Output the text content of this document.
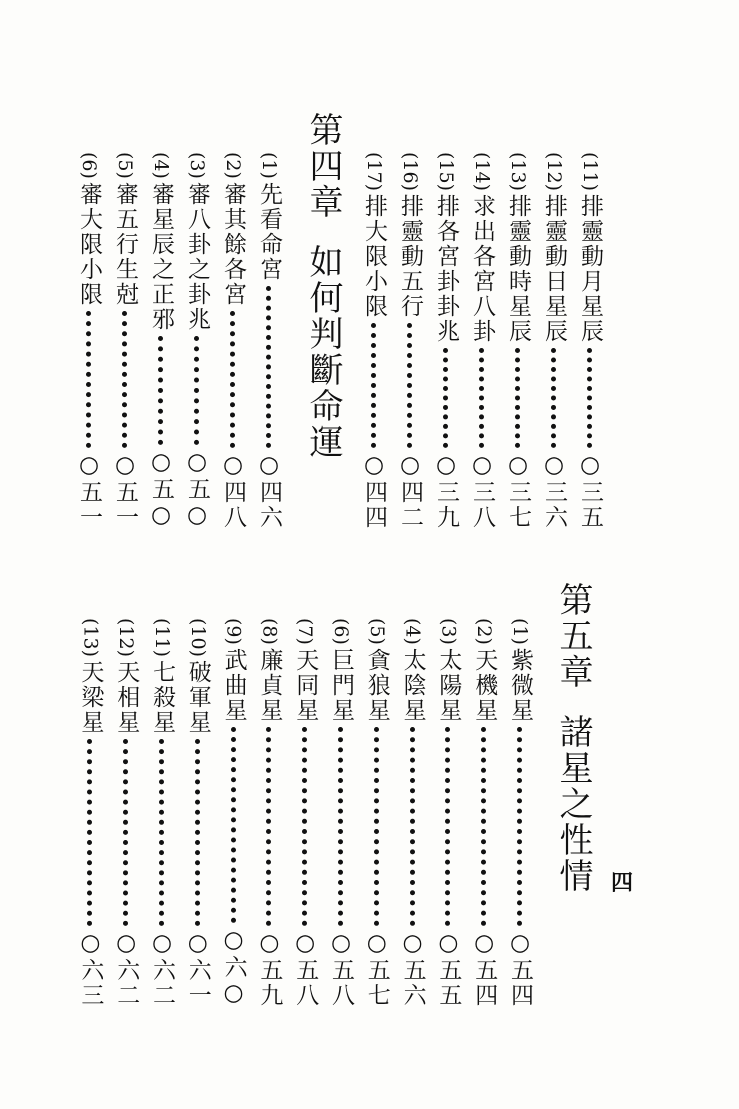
(11)
排靈動月星辰
○三五
(12)
排靈動日星辰
○三六
(13)
排靈動時星辰
○三七
(14)
求出各宮八卦
○三八
(15)
排各宮卦卦兆
○三九
(16)
排靈動五行
○四二
(17)
排大限小限
○四四
(1)
先看命宮
○四六
(2)
審其餘各宮
○四八
(3)
審八卦之卦兆
○五○
(4)
審星辰之正邪
○五○
(5)
審五行生尅
○五一
(6)
審大限小限
○五一
(1)
紫微星
○五四
(2)
天機星
○五四
(3)
太陽星
○五五
(4)
太陰星
○五六
(5)
貪狼星
○五七
(6)
巨門星
○五八
(7)
天同星
○五八
(8)
廉貞星
○五九
(9)
武曲星
○六○
(10)
破軍星
○六一
(11)
七殺星
○六二
(12)
天相星
○六二
(13)
天梁星
○六三
第四章如何判斷命運
第五章諸星之性情 四
